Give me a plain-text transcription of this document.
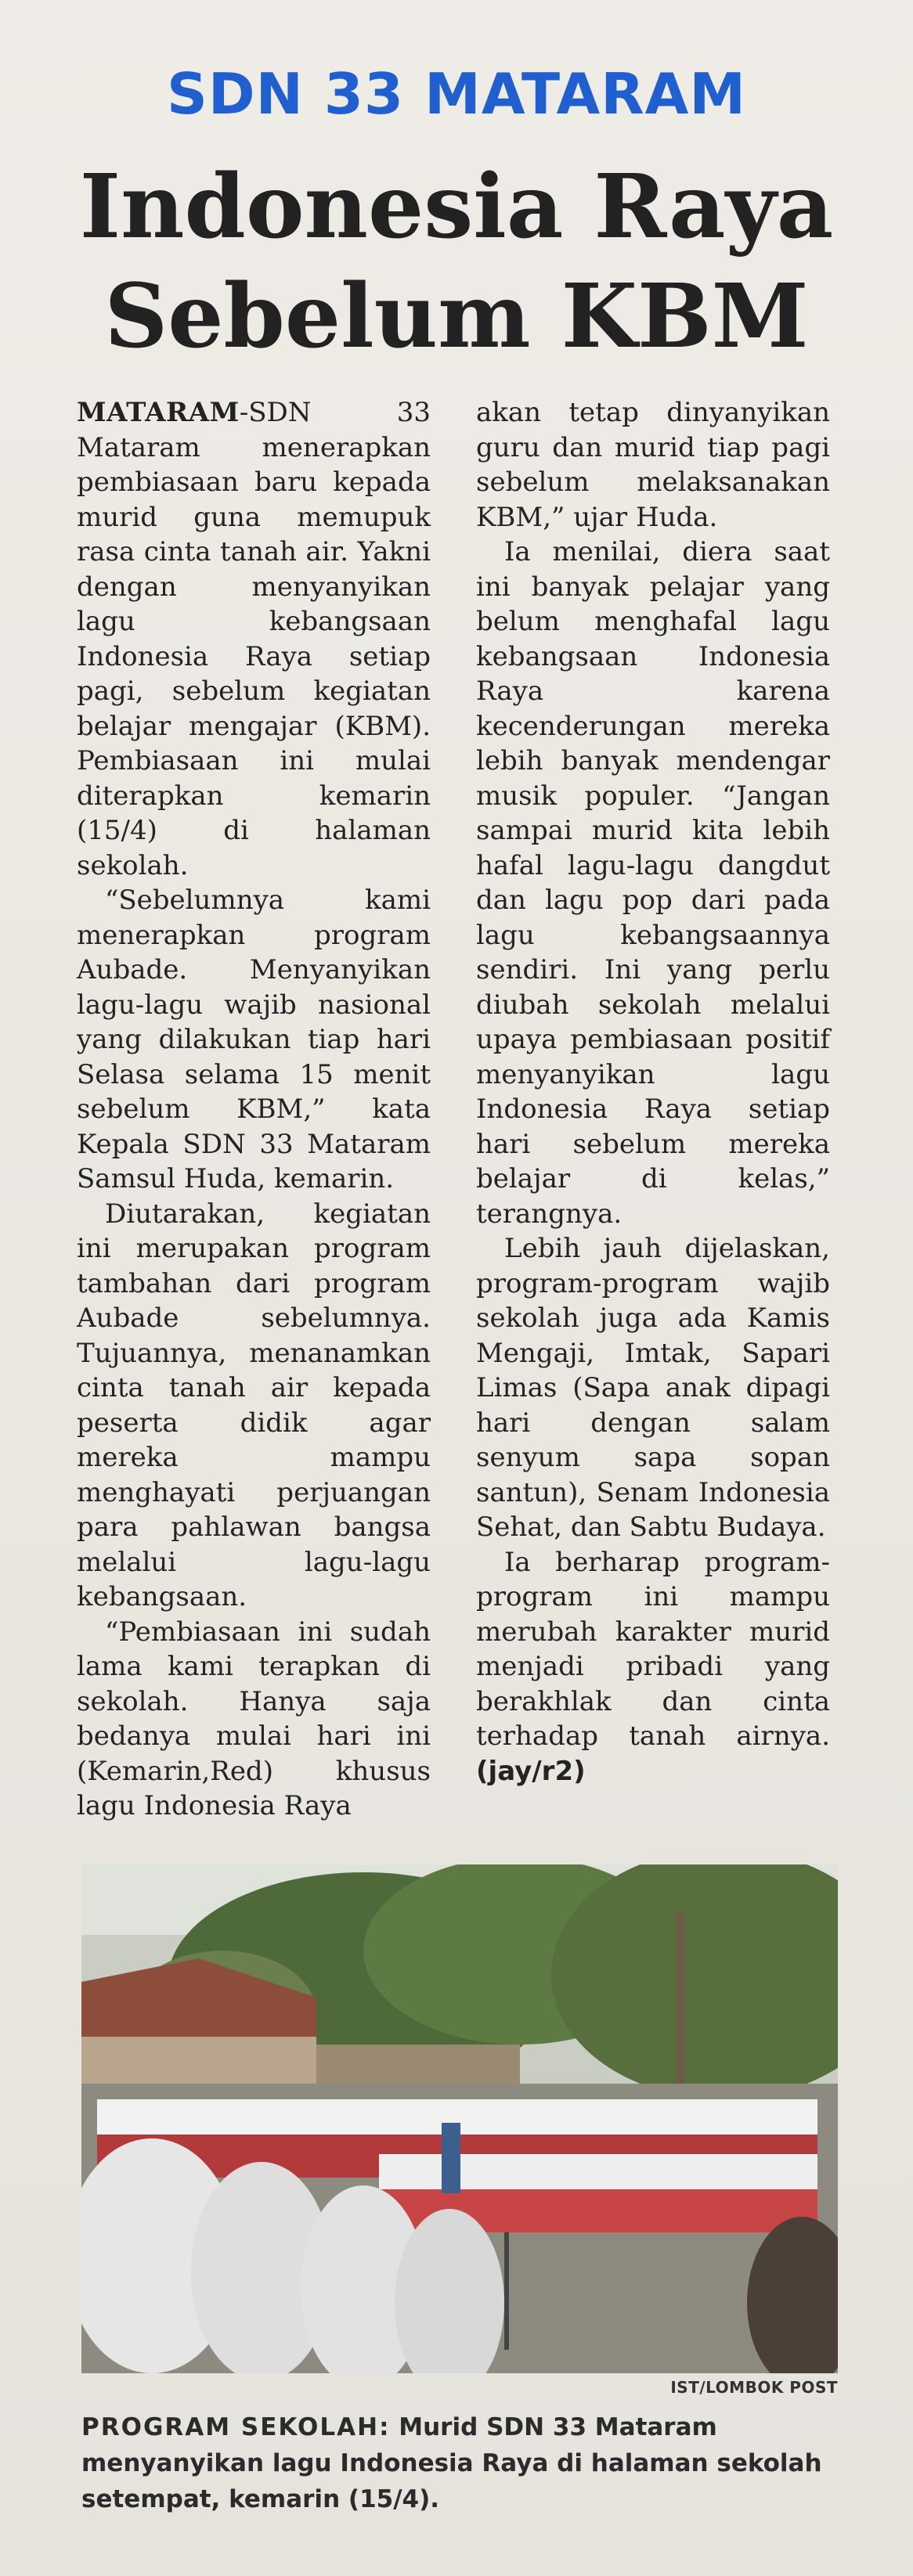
SDN 33 MATARAM
Indonesia Raya
Sebelum KBM

MATARAM-SDN 33 Mataram menerapkan pembiasaan baru kepada murid guna memupuk rasa cinta tanah air. Yakni dengan menyanyikan lagu kebangsaan Indonesia Raya setiap pagi, sebelum kegiatan belajar mengajar (KBM). Pembiasaan ini mulai diterapkan kemarin (15/4) di halaman sekolah.

“Sebelumnya kami menerapkan program Aubade. Menyanyikan lagu-lagu wajib nasional yang dilakukan tiap hari Selasa selama 15 menit sebelum KBM,” kata Kepala SDN 33 Mataram Samsul Huda, kemarin.

Diutarakan, kegiatan ini merupakan program tambahan dari program Aubade sebelumnya. Tujuannya, menanamkan cinta tanah air kepada peserta didik agar mereka mampu menghayati perjuangan para pahlawan bangsa melalui lagu-lagu kebangsaan.

“Pembiasaan ini sudah lama kami terapkan di sekolah. Hanya saja bedanya mulai hari ini (Kemarin,Red) khusus lagu Indonesia Raya

akan tetap dinyanyikan guru dan murid tiap pagi sebelum melaksanakan KBM,” ujar Huda.

Ia menilai, diera saat ini banyak pelajar yang belum menghafal lagu kebangsaan Indonesia Raya karena kecenderungan mereka lebih banyak mendengar musik populer. “Jangan sampai murid kita lebih hafal lagu-lagu dangdut dan lagu pop dari pada lagu kebangsaannya sendiri. Ini yang perlu diubah sekolah melalui upaya pembiasaan positif menyanyikan lagu Indonesia Raya setiap hari sebelum mereka belajar di kelas,” terangnya.

Lebih jauh dijelaskan, program-program wajib sekolah juga ada Kamis Mengaji, Imtak, Sapari Limas (Sapa anak dipagi hari dengan salam senyum sapa sopan santun), Senam Indonesia Sehat, dan Sabtu Budaya.

Ia berharap program-program ini mampu merubah karakter murid menjadi pribadi yang berakhlak dan cinta terhadap tanah airnya. (jay/r2)

IST/LOMBOK POST
PROGRAM SEKOLAH: Murid SDN 33 Mataram menyanyikan lagu Indonesia Raya di halaman sekolah setempat, kemarin (15/4).
